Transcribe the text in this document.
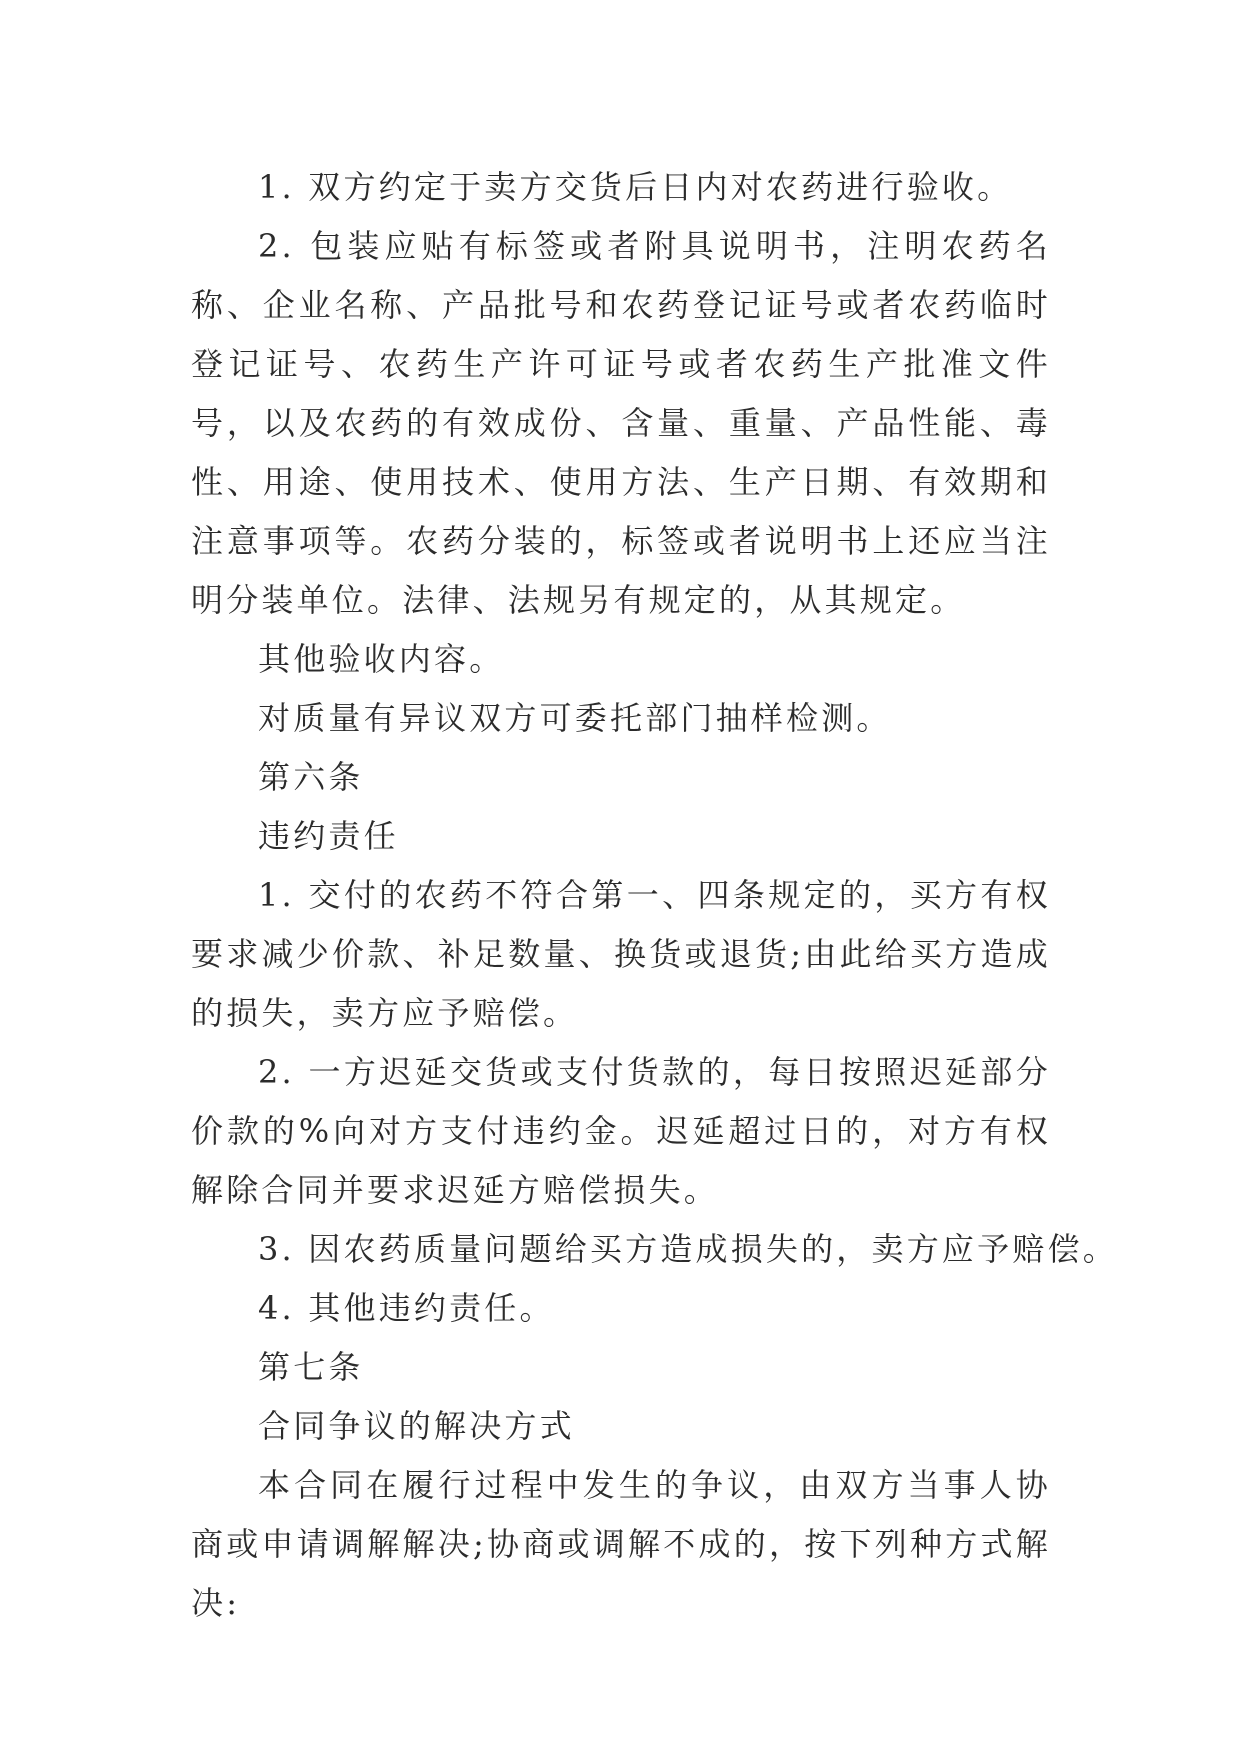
1. 双方约定于卖方交货后日内对农药进行验收。

2. 包装应贴有标签或者附具说明书，注明农药名称、企业名称、产品批号和农药登记证号或者农药临时登记证号、农药生产许可证号或者农药生产批准文件号，以及农药的有效成份、含量、重量、产品性能、毒性、用途、使用技术、使用方法、生产日期、有效期和注意事项等。农药分装的，标签或者说明书上还应当注明分装单位。法律、法规另有规定的，从其规定。

其他验收内容。

对质量有异议双方可委托部门抽样检测。

第六条

违约责任

1. 交付的农药不符合第一、四条规定的，买方有权要求减少价款、补足数量、换货或退货;由此给买方造成的损失，卖方应予赔偿。

2. 一方迟延交货或支付货款的，每日按照迟延部分价款的%向对方支付违约金。迟延超过日的，对方有权解除合同并要求迟延方赔偿损失。

3. 因农药质量问题给买方造成损失的，卖方应予赔偿。

4. 其他违约责任。

第七条

合同争议的解决方式

本合同在履行过程中发生的争议，由双方当事人协商或申请调解解决;协商或调解不成的，按下列种方式解决:
